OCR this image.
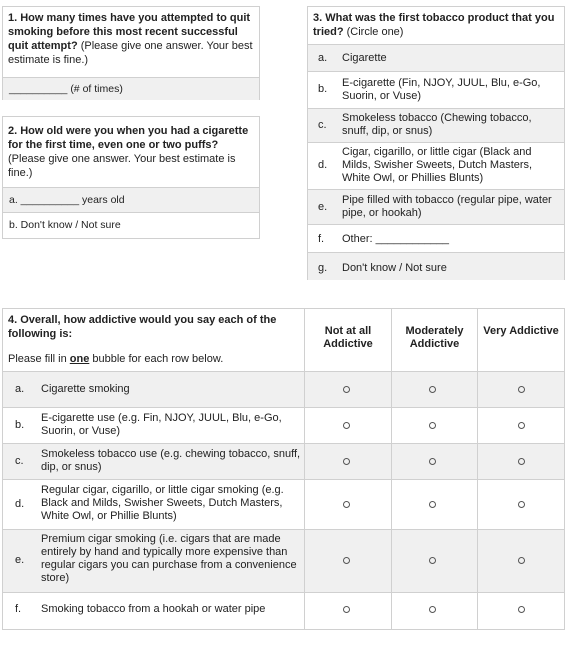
1. How many times have you attempted to quit smoking before this most recent successful quit attempt? (Please give one answer. Your best estimate is fine.)
__________ (# of times)
2. How old were you when you had a cigarette for the first time, even one or two puffs? (Please give one answer. Your best estimate is fine.)
a. __________ years old
b. Don't know / Not sure
3. What was the first tobacco product that you tried? (Circle one)
a. Cigarette
b. E-cigarette (Fin, NJOY, JUUL, Blu, e-Go, Suorin, or Vuse)
c.
Smokeless tobacco (Chewing tobacco, snuff, dip, or snus)
d.
Cigar, cigarillo, or little cigar (Black and Milds, Swisher Sweets, Dutch Masters, White Owl, or Phillies Blunts)
e.
Pipe filled with tobacco (regular pipe, water pipe, or hookah)
f. Other: ____________
g. Don't know / Not sure
4. Overall, how addictive would you say each of the following is:
Please fill in one bubble for each row below.
Not at all Addictive
Moderately Addictive
Very Addictive
a. Cigarette smoking
b.
E-cigarette use (e.g. Fin, NJOY, JUUL, Blu, e-Go, Suorin, or Vuse)
c.
Smokeless tobacco use (e.g. chewing tobacco, snuff, dip, or snus)
d.
Regular cigar, cigarillo, or little cigar smoking (e.g. Black and Milds, Swisher Sweets, Dutch Masters, White Owl, or Phillie Blunts)
e.
Premium cigar smoking (i.e. cigars that are made entirely by hand and typically more expensive than regular cigars you can purchase from a convenience store)
f. Smoking tobacco from a hookah or water pipe
